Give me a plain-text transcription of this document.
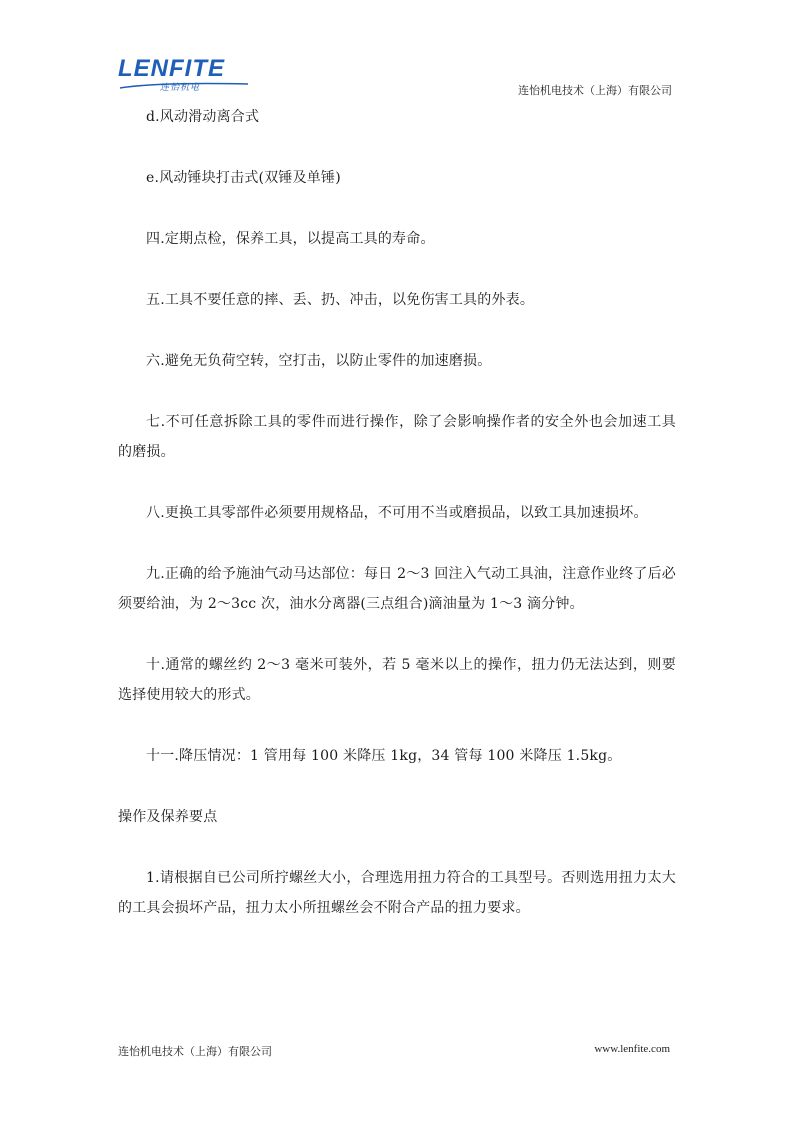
LENFITE
连怡机电	连怡机电技术（上海）有限公司

d.风动滑动离合式

e.风动锤块打击式(双锤及单锤)

四.定期点检，保养工具，以提高工具的寿命。

五.工具不要任意的摔、丢、扔、冲击，以免伤害工具的外表。

六.避免无负荷空转，空打击，以防止零件的加速磨损。

七.不可任意拆除工具的零件而进行操作，除了会影响操作者的安全外也会加速工具的磨损。

八.更换工具零部件必须要用规格品，不可用不当或磨损品，以致工具加速损坏。

九.正确的给予施油气动马达部位：每日 2～3 回注入气动工具油，注意作业终了后必须要给油，为 2～3cc 次，油水分离器(三点组合)滴油量为 1～3 滴分钟。

十.通常的螺丝约 2～3 毫米可装外，若 5 毫米以上的操作，扭力仍无法达到，则要选择使用较大的形式。

十一.降压情况：1 管用每 100 米降压 1kg，34 管每 100 米降压 1.5kg。

操作及保养要点

1.请根据自已公司所拧螺丝大小，合理选用扭力符合的工具型号。否则选用扭力太大的工具会损坏产品，扭力太小所扭螺丝会不附合产品的扭力要求。

连怡机电技术（上海）有限公司	www.lenfite.com
